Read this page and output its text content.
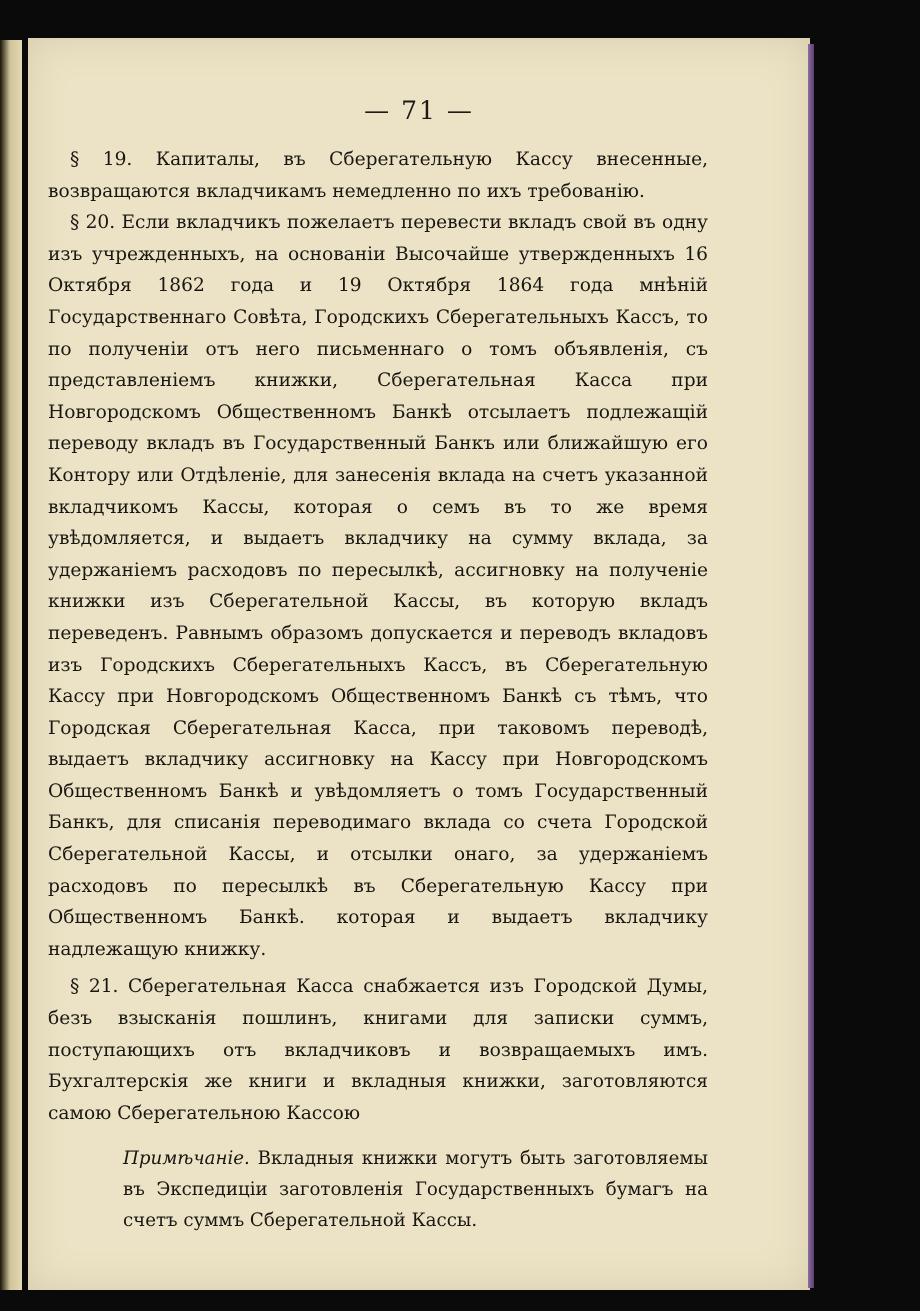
— 71 —

§ 19. Капиталы, въ Сберегательную Кассу внесенные, возвращаются вкладчикамъ немедленно по ихъ требованію.

§ 20. Если вкладчикъ пожелаетъ перевести вкладъ свой въ одну изъ учрежденныхъ, на основаніи Высочайше утвержденныхъ 16 Октября 1862 года и 19 Октября 1864 года мнѣній Государственнаго Совѣта, Городскихъ Сберегательныхъ Кассъ, то по полученіи отъ него письменнаго о томъ объявленія, съ представленіемъ книжки, Сберегательная Касса при Новгородскомъ Общественномъ Банкѣ отсылаетъ подлежащій переводу вкладъ въ Государственный Банкъ или ближайшую его Контору или Отдѣленіе, для занесенія вклада на счетъ указанной вкладчикомъ Кассы, которая о семъ въ то же время увѣдомляется, и выдаетъ вкладчику на сумму вклада, за удержаніемъ расходовъ по пересылкѣ, ассигновку на полученіе книжки изъ Сберегательной Кассы, въ которую вкладъ переведенъ. Равнымъ образомъ допускается и переводъ вкладовъ изъ Городскихъ Сберегательныхъ Кассъ, въ Сберегательную Кассу при Новгородскомъ Общественномъ Банкѣ съ тѣмъ, что Городская Сберегательная Касса, при таковомъ переводѣ, выдаетъ вкладчику ассигновку на Кассу при Новгородскомъ Общественномъ Банкѣ и увѣдомляетъ о томъ Государственный Банкъ, для списанія переводимаго вклада со счета Городской Сберегательной Кассы, и отсылки онаго, за удержаніемъ расходовъ по пересылкѣ въ Сберегательную Кассу при Общественномъ Банкѣ. которая и выдаетъ вкладчику надлежащую книжку.

§ 21. Сберегательная Касса снабжается изъ Городской Думы, безъ взысканія пошлинъ, книгами для записки суммъ, поступающихъ отъ вкладчиковъ и возвращаемыхъ имъ. Бухгалтерскія же книги и вкладныя книжки, заготовляются самою Сберегательною Кассою

Примѣчаніе. Вкладныя книжки могутъ быть заготовляемы въ Экспедиціи заготовленія Государственныхъ бумагъ на счетъ суммъ Сберегательной Кассы.
